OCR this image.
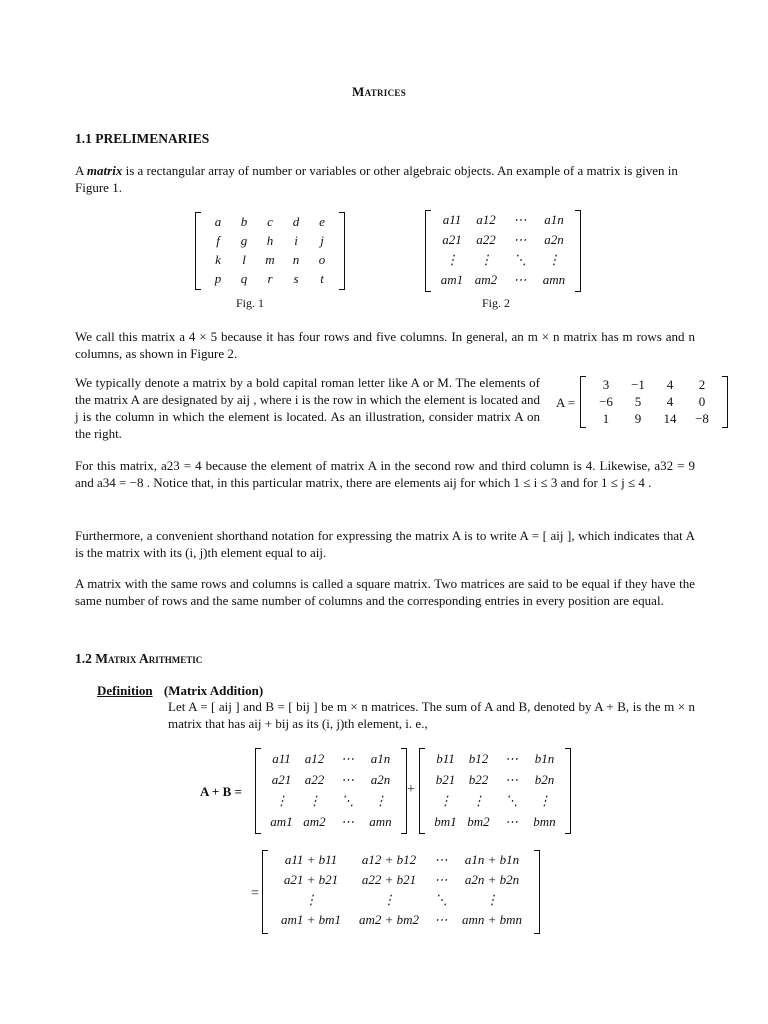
Matrices
1.1 PRELIMENARIES
A matrix is a rectangular array of number or variables or other algebraic objects. An example of a matrix is given in Figure 1.
a b c d e
f g h i j
k l m n o
p q r s t
Fig. 1
a11 a12 ⋯ a1n
a21 a22 ⋯ a2n
⋮ ⋮ ⋱ ⋮
am1 am2 ⋯ amn
Fig. 2
We call this matrix a 4 × 5 because it has four rows and five columns. In general, an m × n matrix has m rows and n columns, as shown in Figure 2.
We typically denote a matrix by a bold capital roman letter like A or M. The elements of the matrix A are designated by aij , where i is the row in which the element is located and j is the column in which the element is located. As an illustration, consider matrix A on the right.
A =
3 −1 4 2
−6 5 4 0
1 9 14 −8
For this matrix, a23 = 4 because the element of matrix A in the second row and third column is 4. Likewise, a32 = 9 and a34 = −8 . Notice that, in this particular matrix, there are elements aij for which 1 ≤ i ≤ 3 and for 1 ≤ j ≤ 4 .
Furthermore, a convenient shorthand notation for expressing the matrix A is to write A = [ aij ], which indicates that A is the matrix with its (i, j)th element equal to aij.
A matrix with the same rows and columns is called a square matrix. Two matrices are said to be equal if they have the same number of rows and the same number of columns and the corresponding entries in every position are equal.
1.2 Matrix Arithmetic
Definition (Matrix Addition)
Let A = [ aij ] and B = [ bij ] be m × n matrices. The sum of A and B, denoted by A + B, is the m × n matrix that has aij + bij as its (i, j)th element, i. e.,
A + B =
a11 a12 ⋯ a1n
a21 a22 ⋯ a2n
⋮ ⋮ ⋱ ⋮
am1 am2 ⋯ amn
+
b11 b12 ⋯ b1n
b21 b22 ⋯ b2n
⋮ ⋮ ⋱ ⋮
bm1 bm2 ⋯ bmn
=
a11 + b11 a12 + b12 ⋯ a1n + b1n
a21 + b21 a22 + b21 ⋯ a2n + b2n
⋮	⋮	⋱	⋮
am1 + bm1 am2 + bm2 ⋯ amn + bmn
